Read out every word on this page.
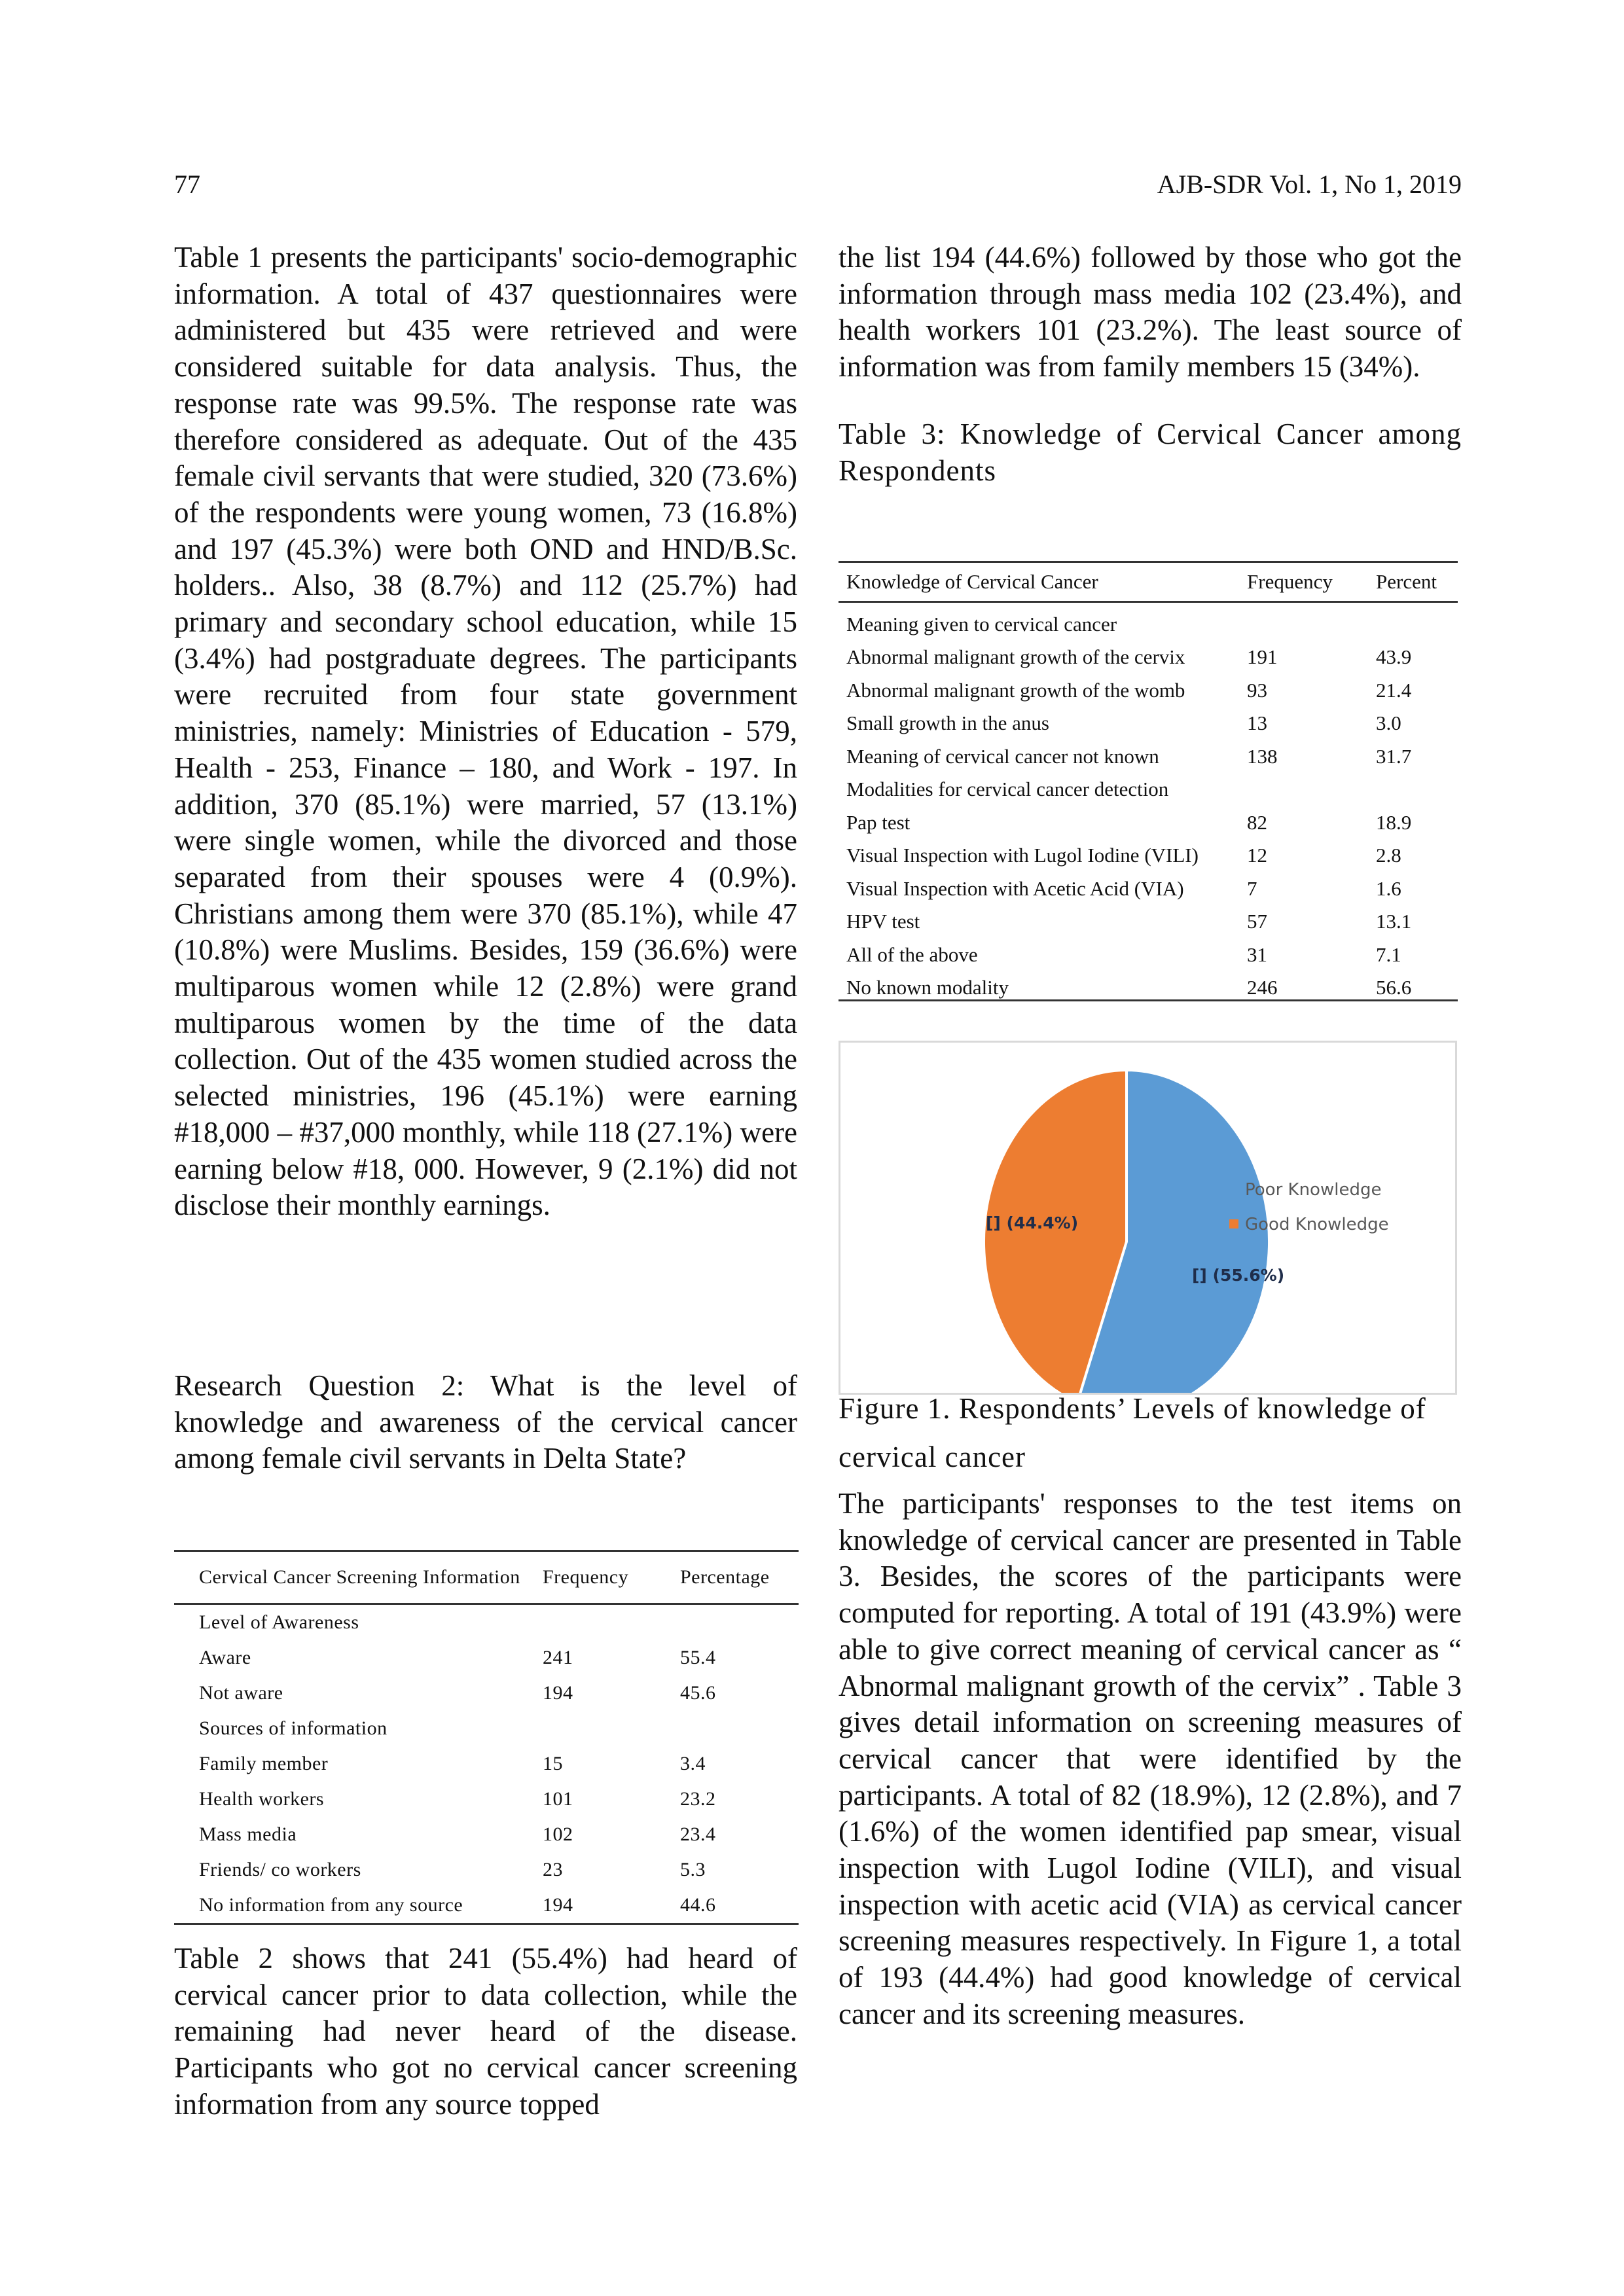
77	AJB-SDR Vol. 1, No 1, 2019

Table 1 presents the participants' socio-demographic information. A total of 437 questionnaires were administered but 435 were retrieved and were considered suitable for data analysis. Thus, the response rate was 99.5%. The response rate was therefore considered as adequate. Out of the 435 female civil servants that were studied, 320 (73.6%) of the respondents were young women, 73 (16.8%) and 197 (45.3%) were both OND and HND/B.Sc. holders.. Also, 38 (8.7%) and 112 (25.7%) had primary and secondary school education, while 15 (3.4%) had postgraduate degrees. The participants were recruited from four state government ministries, namely: Ministries of Education - 579, Health - 253, Finance – 180, and Work - 197. In addition, 370 (85.1%) were married, 57 (13.1%) were single women, while the divorced and those separated from their spouses were 4 (0.9%). Christians among them were 370 (85.1%), while 47 (10.8%) were Muslims. Besides, 159 (36.6%) were multiparous women while 12 (2.8%) were grand multiparous women by the time of the data collection. Out of the 435 women studied across the selected ministries, 196 (45.1%) were earning #18,000 – #37,000 monthly, while 118 (27.1%) were earning below #18, 000. However, 9 (2.1%) did not disclose their monthly earnings.

Research Question 2: What is the level of knowledge and awareness of the cervical cancer among female civil servants in Delta State?
Cervical Cancer Screening Information	Frequency	Percentage
Level of Awareness		
Aware	241	55.4
Not aware	194	45.6
Sources of information		
Family member	15	3.4
Health workers	101	23.2
Mass media	102	23.4
Friends/ co workers	23	5.3
No information from any source	194	44.6
Table 2 shows that 241 (55.4%) had heard of cervical cancer prior to data collection, while the remaining had never heard of the disease. Participants who got no cervical cancer screening information from any source topped

the list 194 (44.6%) followed by those who got the information through mass media 102 (23.4%), and health workers 101 (23.2%). The least source of information was from family members 15 (34%).

Table 3: Knowledge of Cervical Cancer among Respondents

Knowledge of Cervical Cancer	Frequency	Percent
Meaning given to cervical cancer		
Abnormal malignant growth of the cervix	191	43.9
Abnormal malignant growth of the womb	93	21.4
Small growth in the anus	13	3.0
Meaning of cervical cancer not known	138	31.7
Modalities for cervical cancer detection		
Pap test	82	18.9
Visual Inspection with Lugol Iodine (VILI)	12	2.8
Visual Inspection with Acetic Acid (VIA)	7	1.6
HPV test	57	13.1
All of the above	31	7.1
No known modality	246	56.6
[] (55.6%)
[] (44.4%)
Poor Knowledge
Good Knowledge
Figure 1. Respondents’ Levels of knowledge of cervical cancer
The participants' responses to the test items on knowledge of cervical cancer are presented in Table 3. Besides, the scores of the participants were computed for reporting. A total of 191 (43.9%) were able to give correct meaning of cervical cancer as “ Abnormal malignant growth of the cervix” . Table 3 gives detail information on screening measures of cervical cancer that were identified by the participants. A total of 82 (18.9%), 12 (2.8%), and 7 (1.6%) of the women identified pap smear, visual inspection with Lugol Iodine (VILI), and visual inspection with acetic acid (VIA) as cervical cancer screening measures respectively. In Figure 1, a total of 193 (44.4%) had good knowledge of cervical cancer and its screening measures.
